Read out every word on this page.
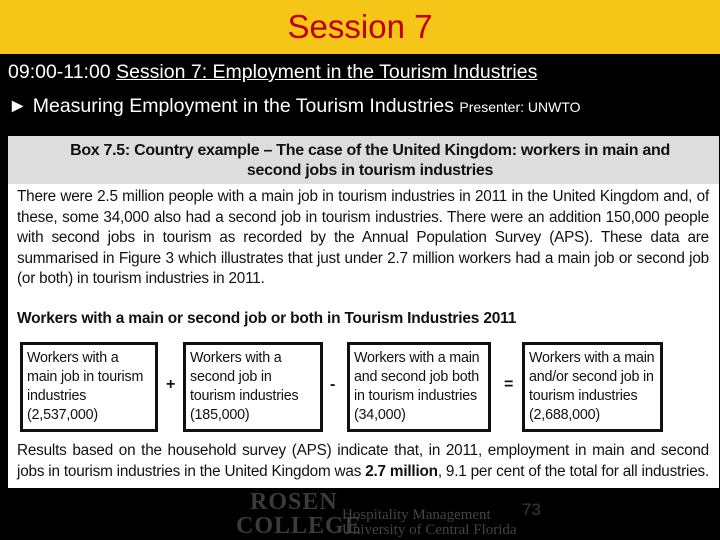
Session 7
09:00-11:00 Session 7: Employment in the Tourism Industries
► Measuring Employment in the Tourism Industries Presenter: UNWTO
Box 7.5: Country example – The case of the United Kingdom: workers in main and
second jobs in tourism industries
There were 2.5 million people with a main job in tourism industries in 2011 in the United Kingdom and, of these, some 34,000 also had a second job in tourism industries. There were an addition 150,000 people with second jobs in tourism as recorded by the Annual Population Survey (APS). These data are summarised in Figure 3 which illustrates that just under 2.7 million workers had a main job or second job (or both) in tourism industries in 2011.
Workers with a main or second job or both in Tourism Industries 2011
Workers with a main job in tourism industries (2,537,000)
+
Workers with a second job in tourism industries (185,000)
-
Workers with a main and second job both in tourism industries (34,000)
=
Workers with a main and/or second job in tourism industries (2,688,000)
Results based on the household survey (APS) indicate that, in 2011, employment in main and second jobs in tourism industries in the United Kingdom was 2.7 million, 9.1 per cent of the total for all industries.
ROSEN
COLLEGE
Hospitality Management
University of Central Florida
73
